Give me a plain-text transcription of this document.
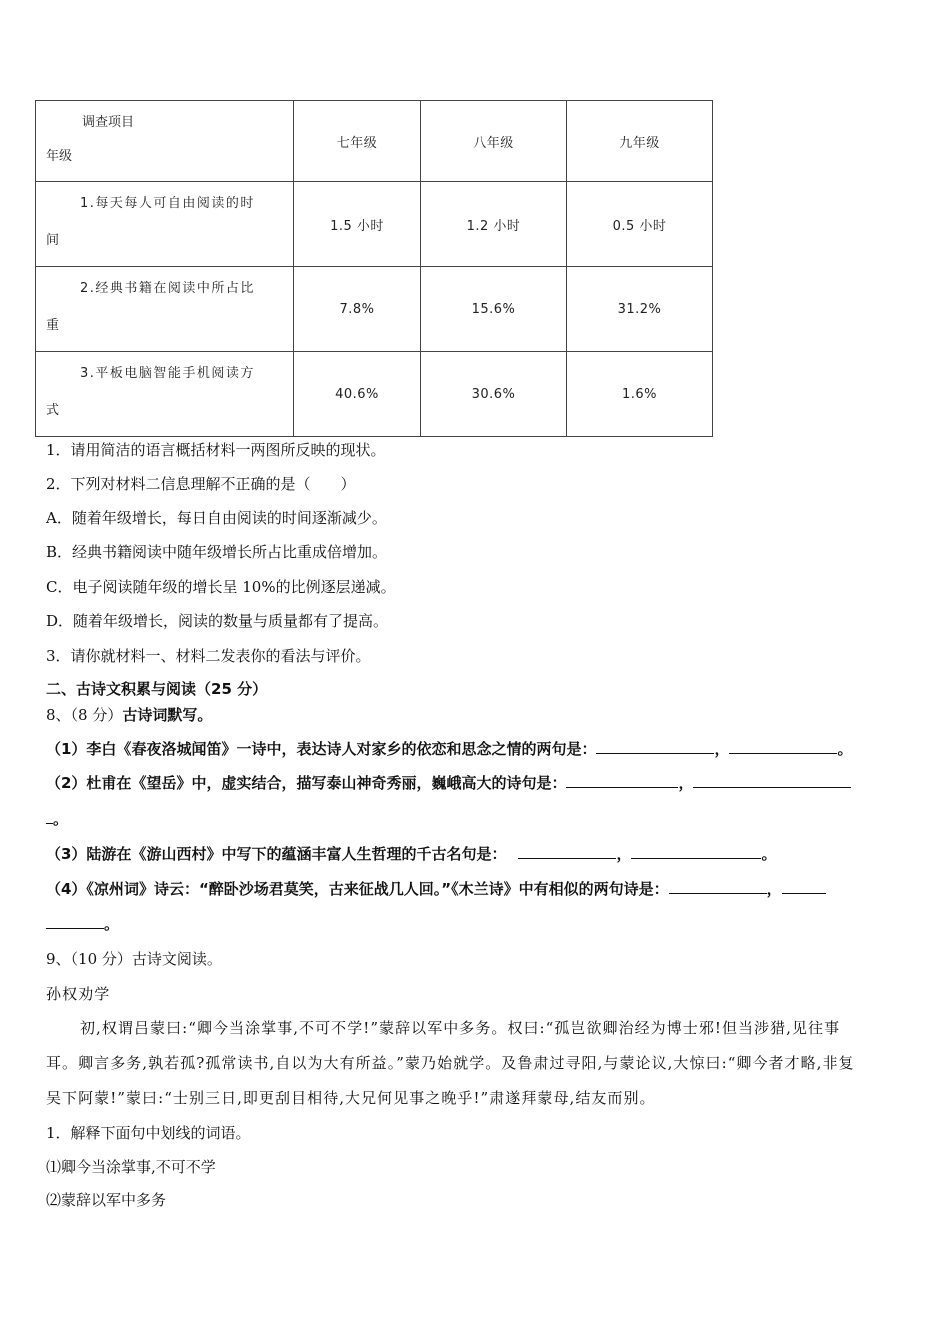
调查项目
年级	七年级	八年级	九年级

1.每天每人可自由阅读的时
间	1.5 小时	1.2 小时	0.5 小时

2.经典书籍在阅读中所占比
重	7.8%	15.6%	31.2%

3.平板电脑智能手机阅读方
式	40.6%	30.6%	1.6%
1．请用简洁的语言概括材料一两图所反映的现状。
2．下列对材料二信息理解不正确的是（　　）
A．随着年级增长，每日自由阅读的时间逐渐减少。
B．经典书籍阅读中随年级增长所占比重成倍增加。
C．电子阅读随年级的增长呈 10%的比例逐层递减。
D．随着年级增长，阅读的数量与质量都有了提高。
3．请你就材料一、材料二发表你的看法与评价。
二、古诗文积累与阅读（25 分）
8、（8 分）古诗词默写。
（1）李白《春夜洛城闻笛》一诗中，表达诗人对家乡的依恋和思念之情的两句是：	，	。
（2）杜甫在《望岳》中，虚实结合，描写泰山神奇秀丽，巍峨高大的诗句是：	，
。
（3）陆游在《游山西村》中写下的蕴涵丰富人生哲理的千古名句是：	，	。
（4）《凉州词》诗云：“醉卧沙场君莫笑，古来征战几人回。”《木兰诗》中有相似的两句诗是：	，
。
9、（10 分）古诗文阅读。
孙权劝学
初,权谓吕蒙曰:“卿今当涂掌事,不可不学!”蒙辞以军中多务。权曰:“孤岂欲卿治经为博士邪!但当涉猎,见往事
耳。卿言多务,孰若孤?孤常读书,自以为大有所益。”蒙乃始就学。及鲁肃过寻阳,与蒙论议,大惊曰:“卿今者才略,非复
吴下阿蒙!”蒙曰:“士别三日,即更刮目相待,大兄何见事之晚乎!”肃遂拜蒙母,结友而别。
1．解释下面句中划线的词语。
⑴卿今当涂掌事,不可不学
⑵蒙辞以军中多务
